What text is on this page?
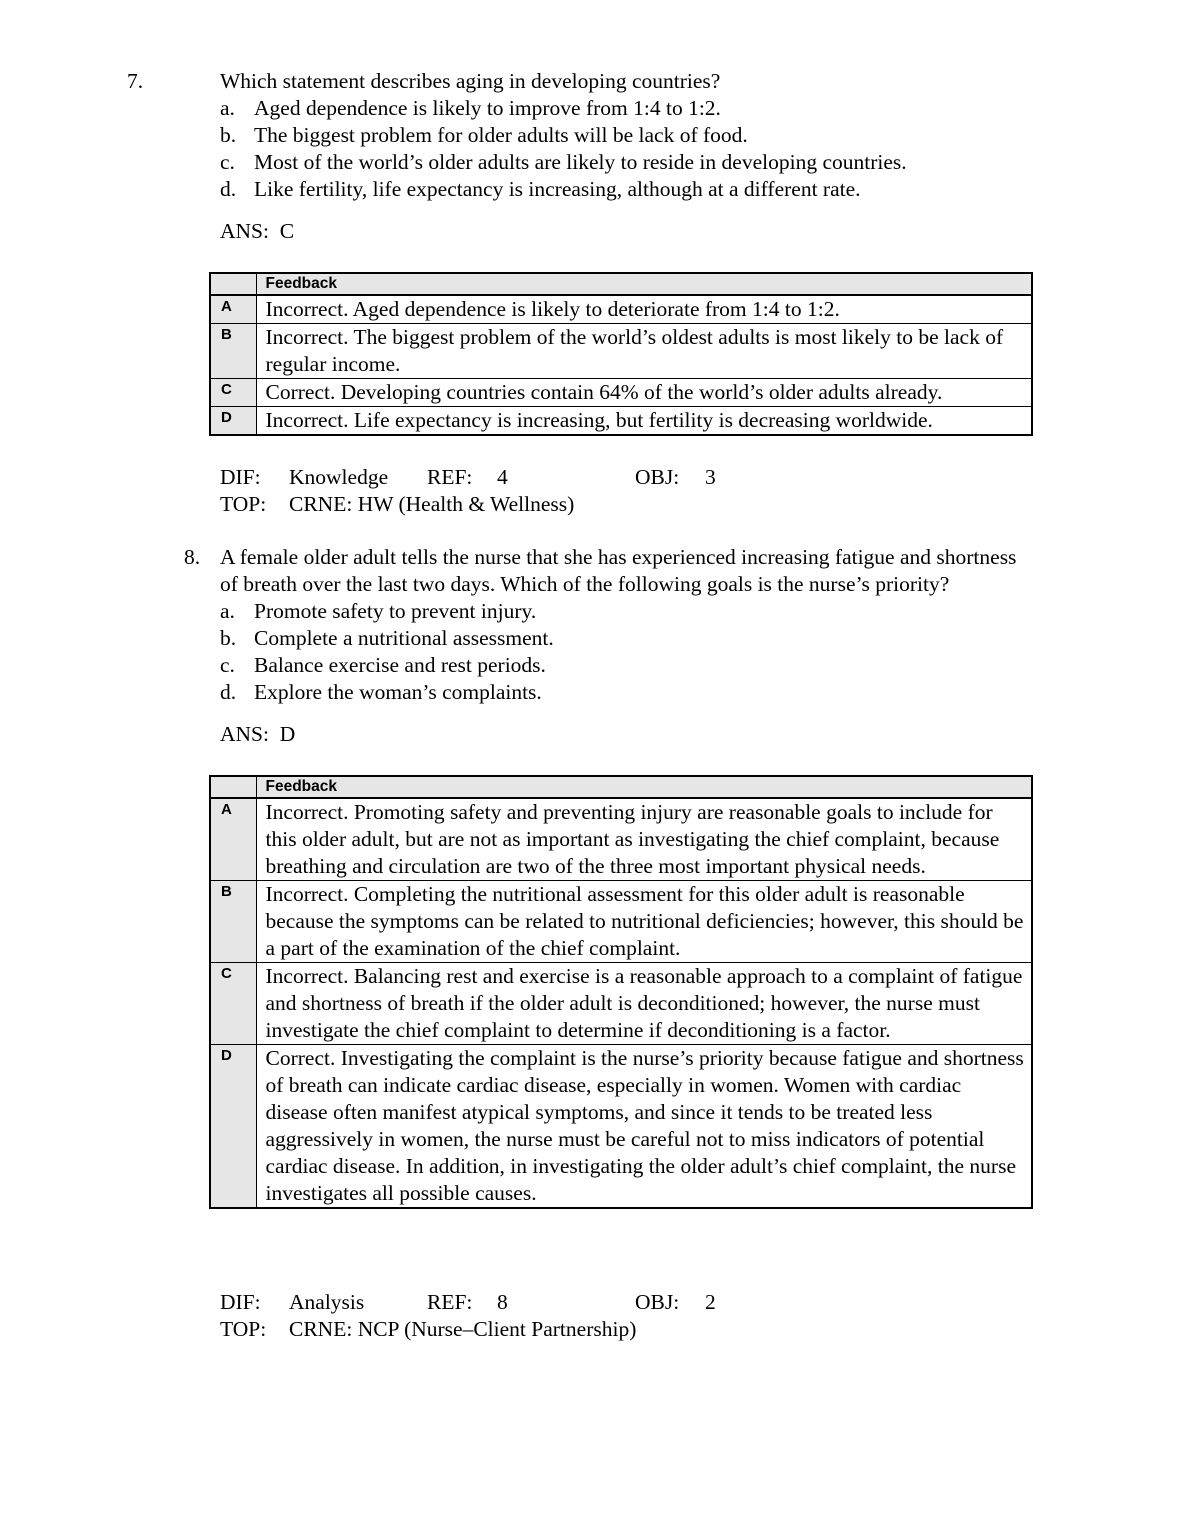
7.	Which statement describes aging in developing countries?
a. Aged dependence is likely to improve from 1:4 to 1:2.
b. The biggest problem for older adults will be lack of food.
c. Most of the world’s older adults are likely to reside in developing countries.
d. Like fertility, life expectancy is increasing, although at a different rate.
ANS:  C
	Feedback
A	Incorrect. Aged dependence is likely to deteriorate from 1:4 to 1:2.
B	Incorrect. The biggest problem of the world’s oldest adults is most likely to be lack of regular income.
C	Correct. Developing countries contain 64% of the world’s older adults already.
D	Incorrect. Life expectancy is increasing, but fertility is decreasing worldwide.
DIF: Knowledge REF: 4	OBJ: 3
TOP: CRNE: HW (Health & Wellness)
8. A female older adult tells the nurse that she has experienced increasing fatigue and shortness
of breath over the last two days. Which of the following goals is the nurse’s priority?
a. Promote safety to prevent injury.
b. Complete a nutritional assessment.
c. Balance exercise and rest periods.
d. Explore the woman’s complaints.
ANS:  D
	Feedback
A	Incorrect. Promoting safety and preventing injury are reasonable goals to include for this older adult, but are not as important as investigating the chief complaint, because breathing and circulation are two of the three most important physical needs.
B	Incorrect. Completing the nutritional assessment for this older adult is reasonable because the symptoms can be related to nutritional deficiencies; however, this should be a part of the examination of the chief complaint.
C	Incorrect. Balancing rest and exercise is a reasonable approach to a complaint of fatigue and shortness of breath if the older adult is deconditioned; however, the nurse must investigate the chief complaint to determine if deconditioning is a factor.
D	Correct. Investigating the complaint is the nurse’s priority because fatigue and shortness of breath can indicate cardiac disease, especially in women. Women with cardiac disease often manifest atypical symptoms, and since it tends to be treated less aggressively in women, the nurse must be careful not to miss indicators of potential cardiac disease. In addition, in investigating the older adult’s chief complaint, the nurse investigates all possible causes.
DIF: Analysis	REF: 8	OBJ: 2
TOP: CRNE: NCP (Nurse–Client Partnership)
